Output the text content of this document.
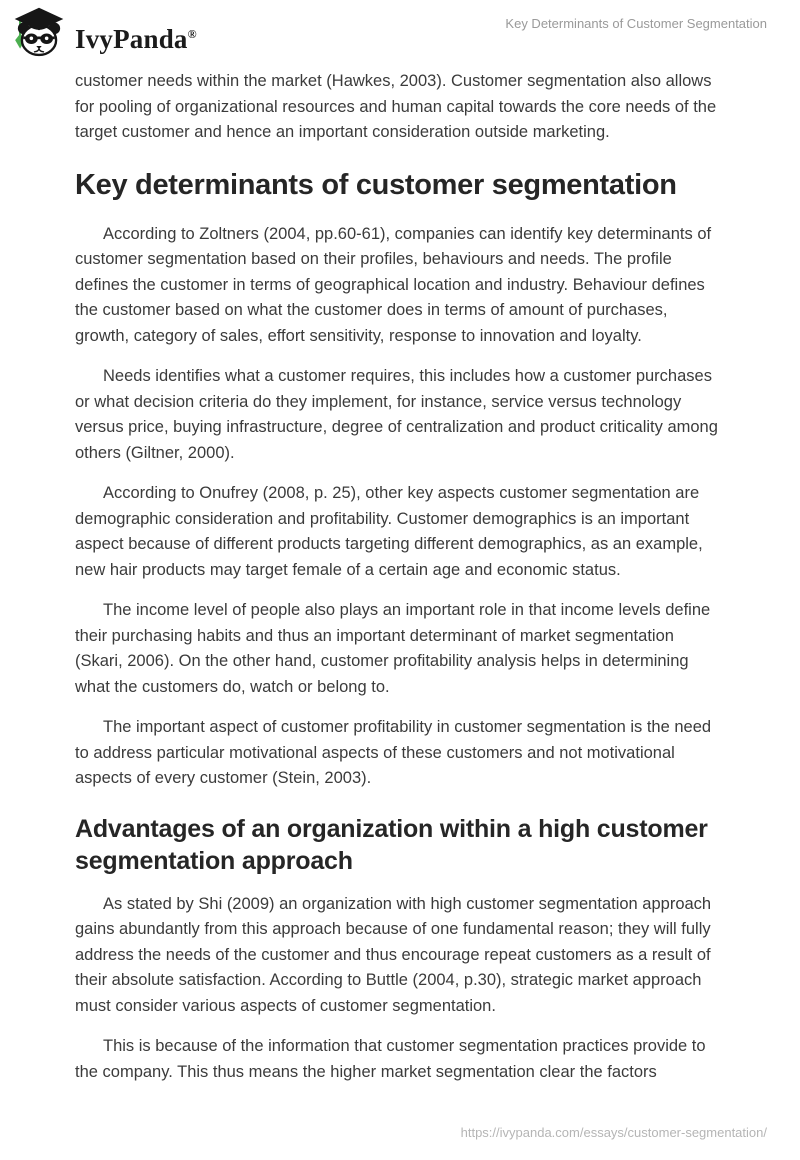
IvyPanda®
Key Determinants of Customer Segmentation

customer needs within the market (Hawkes, 2003). Customer segmentation also allows for pooling of organizational resources and human capital towards the core needs of the target customer and hence an important consideration outside marketing.

Key determinants of customer segmentation

According to Zoltners (2004, pp.60-61), companies can identify key determinants of customer segmentation based on their profiles, behaviours and needs. The profile defines the customer in terms of geographical location and industry. Behaviour defines the customer based on what the customer does in terms of amount of purchases, growth, category of sales, effort sensitivity, response to innovation and loyalty.

Needs identifies what a customer requires, this includes how a customer purchases or what decision criteria do they implement, for instance, service versus technology versus price, buying infrastructure, degree of centralization and product criticality among others (Giltner, 2000).

According to Onufrey (2008, p. 25), other key aspects customer segmentation are demographic consideration and profitability. Customer demographics is an important aspect because of different products targeting different demographics, as an example, new hair products may target female of a certain age and economic status.

The income level of people also plays an important role in that income levels define their purchasing habits and thus an important determinant of market segmentation (Skari, 2006). On the other hand, customer profitability analysis helps in determining what the customers do, watch or belong to.

The important aspect of customer profitability in customer segmentation is the need to address particular motivational aspects of these customers and not motivational aspects of every customer (Stein, 2003).

Advantages of an organization within a high customer segmentation approach

As stated by Shi (2009) an organization with high customer segmentation approach gains abundantly from this approach because of one fundamental reason; they will fully address the needs of the customer and thus encourage repeat customers as a result of their absolute satisfaction. According to Buttle (2004, p.30), strategic market approach must consider various aspects of customer segmentation.

This is because of the information that customer segmentation practices provide to the company. This thus means the higher market segmentation clear the factors

https://ivypanda.com/essays/customer-segmentation/
